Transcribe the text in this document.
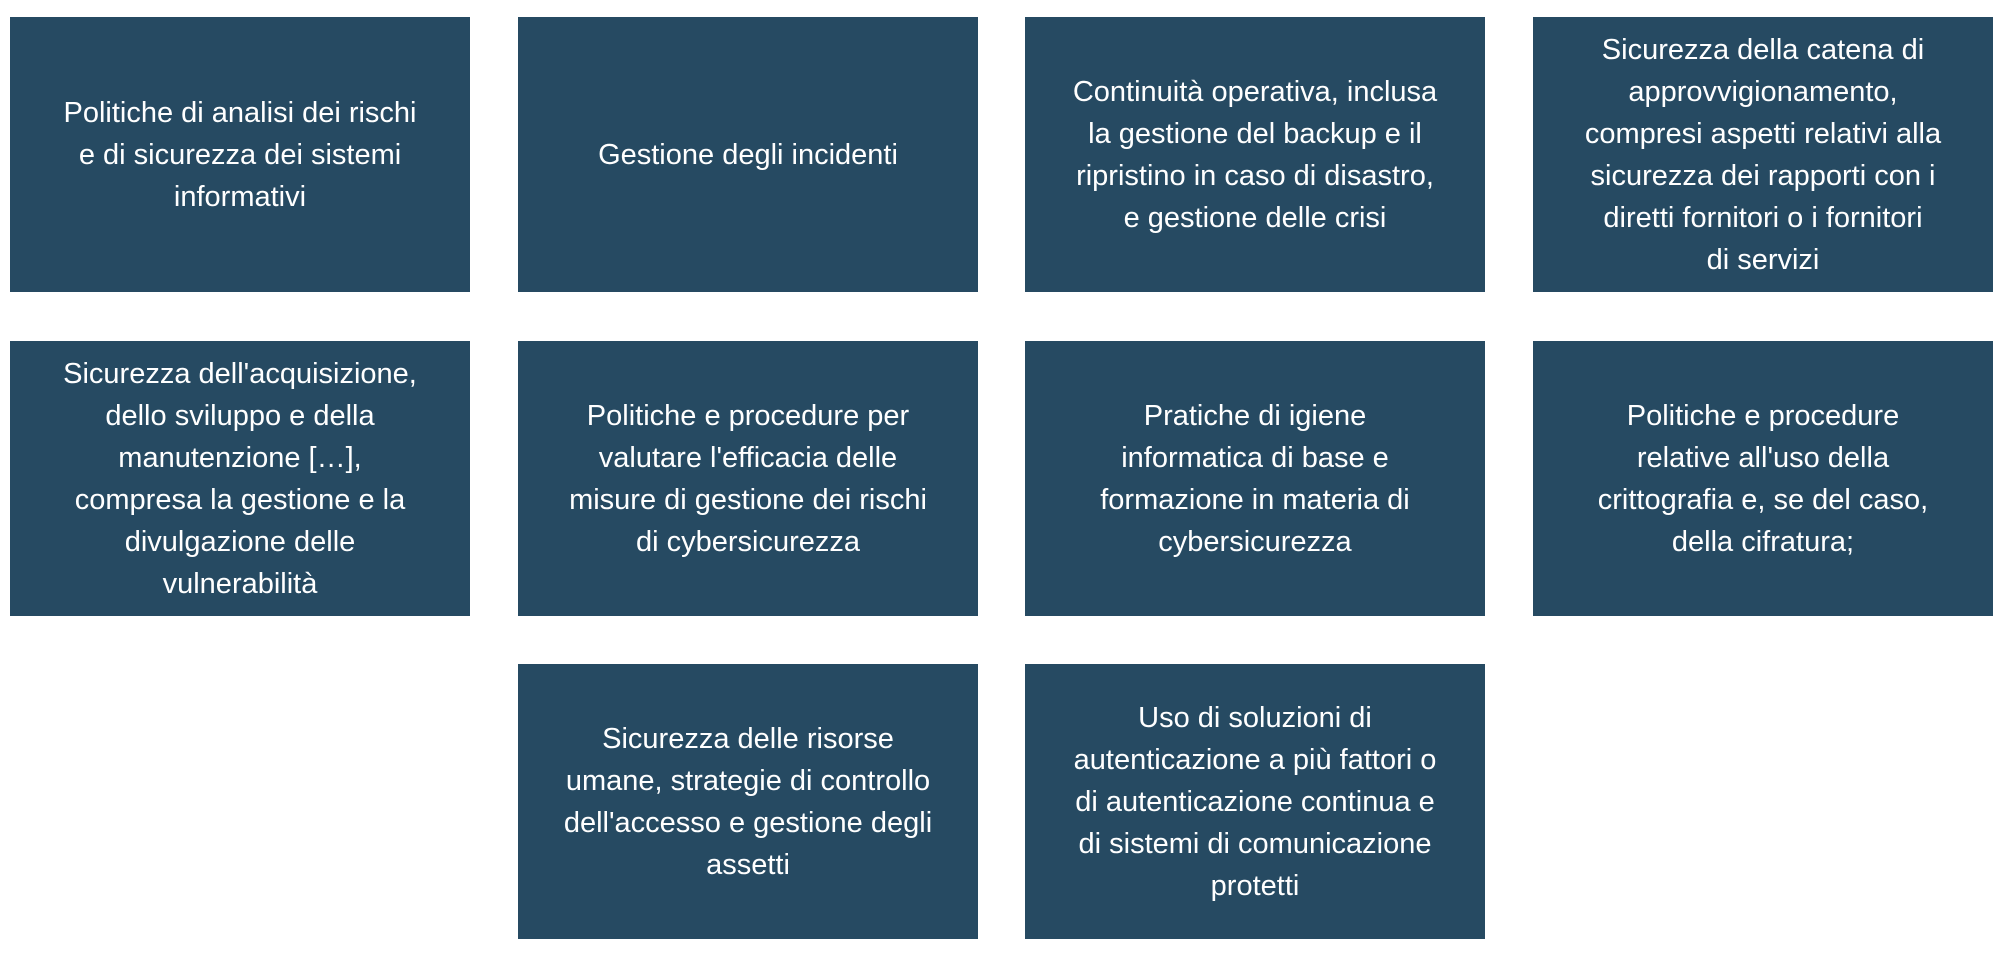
Politiche di analisi dei rischi
e di sicurezza dei sistemi
informativi
Gestione degli incidenti
Continuità operativa, inclusa
la gestione del backup e il
ripristino in caso di disastro,
e gestione delle crisi
Sicurezza della catena di
approvvigionamento,
compresi aspetti relativi alla
sicurezza dei rapporti con i
diretti fornitori o i fornitori
di servizi
Sicurezza dell'acquisizione,
dello sviluppo e della
manutenzione […],
compresa la gestione e la
divulgazione delle
vulnerabilità
Politiche e procedure per
valutare l'efficacia delle
misure di gestione dei rischi
di cybersicurezza
Pratiche di igiene
informatica di base e
formazione in materia di
cybersicurezza
Politiche e procedure
relative all'uso della
crittografia e, se del caso,
della cifratura;
Sicurezza delle risorse
umane, strategie di controllo
dell'accesso e gestione degli
assetti
Uso di soluzioni di
autenticazione a più fattori o
di autenticazione continua e
di sistemi di comunicazione
protetti
